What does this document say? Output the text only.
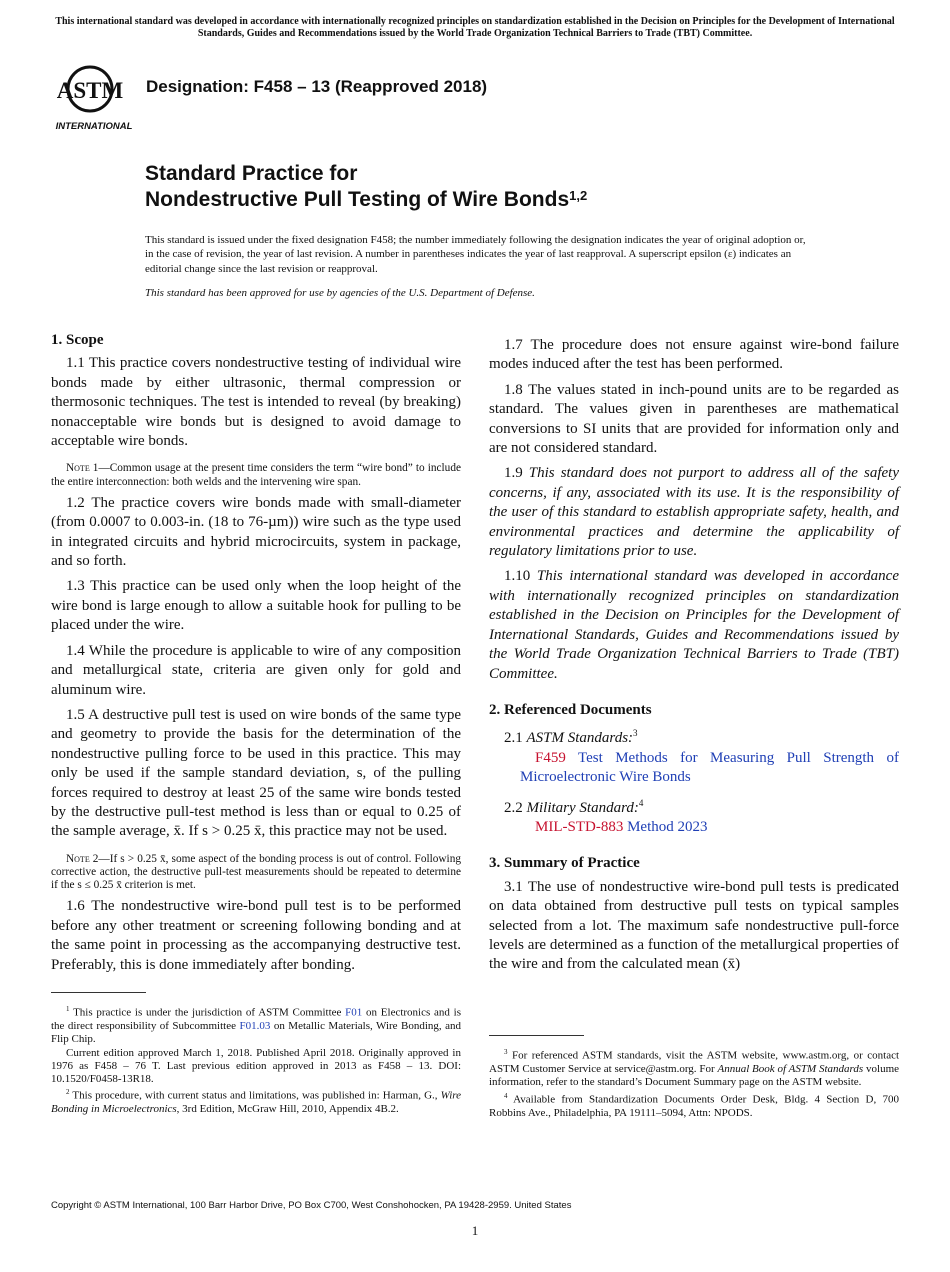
This international standard was developed in accordance with internationally recognized principles on standardization established in the Decision on Principles for the Development of International Standards, Guides and Recommendations issued by the World Trade Organization Technical Barriers to Trade (TBT) Committee.
ASTM
INTERNATIONAL
Designation: F458 – 13 (Reapproved 2018)
Standard Practice for
Nondestructive Pull Testing of Wire Bonds$^{1,2}$
This standard is issued under the fixed designation F458; the number immediately following the designation indicates the year of original adoption or, in the case of revision, the year of last revision. A number in parentheses indicates the year of last reapproval. A superscript epsilon (ε) indicates an editorial change since the last revision or reapproval.
This standard has been approved for use by agencies of the U.S. Department of Defense.
1. Scope

1.1 This practice covers nondestructive testing of individual wire bonds made by either ultrasonic, thermal compression or thermosonic techniques. The test is intended to reveal (by breaking) nonacceptable wire bonds but is designed to avoid damage to acceptable wire bonds.

Note 1—Common usage at the present time considers the term “wire bond” to include the entire interconnection: both welds and the intervening wire span.

1.2 The practice covers wire bonds made with small-diameter (from 0.0007 to 0.003-in. (18 to 76-µm)) wire such as the type used in integrated circuits and hybrid microcircuits, system in package, and so forth.

1.3 This practice can be used only when the loop height of the wire bond is large enough to allow a suitable hook for pulling to be placed under the wire.

1.4 While the procedure is applicable to wire of any composition and metallurgical state, criteria are given only for gold and aluminum wire.

1.5 A destructive pull test is used on wire bonds of the same type and geometry to provide the basis for the determination of the nondestructive pulling force to be used in this practice. This may only be used if the sample standard deviation, s, of the pulling forces required to destroy at least 25 of the same wire bonds tested by the destructive pull-test method is less than or equal to 0.25 of the sample average, x̄. If s > 0.25 x̄, this practice may not be used.

Note 2—If s > 0.25 x̄, some aspect of the bonding process is out of control. Following corrective action, the destructive pull-test measurements should be repeated to determine if the s ≤ 0.25 x̄ criterion is met.

1.6 The nondestructive wire-bond pull test is to be performed before any other treatment or screening following bonding and at the same point in processing as the accompanying destructive test. Preferably, this is done immediately after bonding.

1.7 The procedure does not ensure against wire-bond failure modes induced after the test has been performed.

1.8 The values stated in inch-pound units are to be regarded as standard. The values given in parentheses are mathematical conversions to SI units that are provided for information only and are not considered standard.

1.9 This standard does not purport to address all of the safety concerns, if any, associated with its use. It is the responsibility of the user of this standard to establish appropriate safety, health, and environmental practices and determine the applicability of regulatory limitations prior to use.

1.10 This international standard was developed in accordance with internationally recognized principles on standardization established in the Decision on Principles for the Development of International Standards, Guides and Recommendations issued by the World Trade Organization Technical Barriers to Trade (TBT) Committee.

2. Referenced Documents

2.1 ASTM Standards:$^3$

F459 Test Methods for Measuring Pull Strength of Microelectronic Wire Bonds

2.2 Military Standard:$^4$

MIL-STD-883 Method 2023

3. Summary of Practice

3.1 The use of nondestructive wire-bond pull tests is predicated on data obtained from destructive pull tests on typical samples selected from a lot. The maximum safe nondestructive pull-force levels are determined as a function of the metallurgical properties of the wire and from the calculated mean (x̄)

$^1$ This practice is under the jurisdiction of ASTM Committee F01 on Electronics and is the direct responsibility of Subcommittee F01.03 on Metallic Materials, Wire Bonding, and Flip Chip.

Current edition approved March 1, 2018. Published April 2018. Originally approved in 1976 as F458 – 76 T. Last previous edition approved in 2013 as F458 – 13. DOI: 10.1520/F0458-13R18.

$^2$ This procedure, with current status and limitations, was published in: Harman, G., Wire Bonding in Microelectronics, 3rd Edition, McGraw Hill, 2010, Appendix 4B.2.

$^3$ For referenced ASTM standards, visit the ASTM website, www.astm.org, or contact ASTM Customer Service at service@astm.org. For Annual Book of ASTM Standards volume information, refer to the standard’s Document Summary page on the ASTM website.

$^4$ Available from Standardization Documents Order Desk, Bldg. 4 Section D, 700 Robbins Ave., Philadelphia, PA 19111–5094, Attn: NPODS.

Copyright © ASTM International, 100 Barr Harbor Drive, PO Box C700, West Conshohocken, PA 19428-2959. United States
1
